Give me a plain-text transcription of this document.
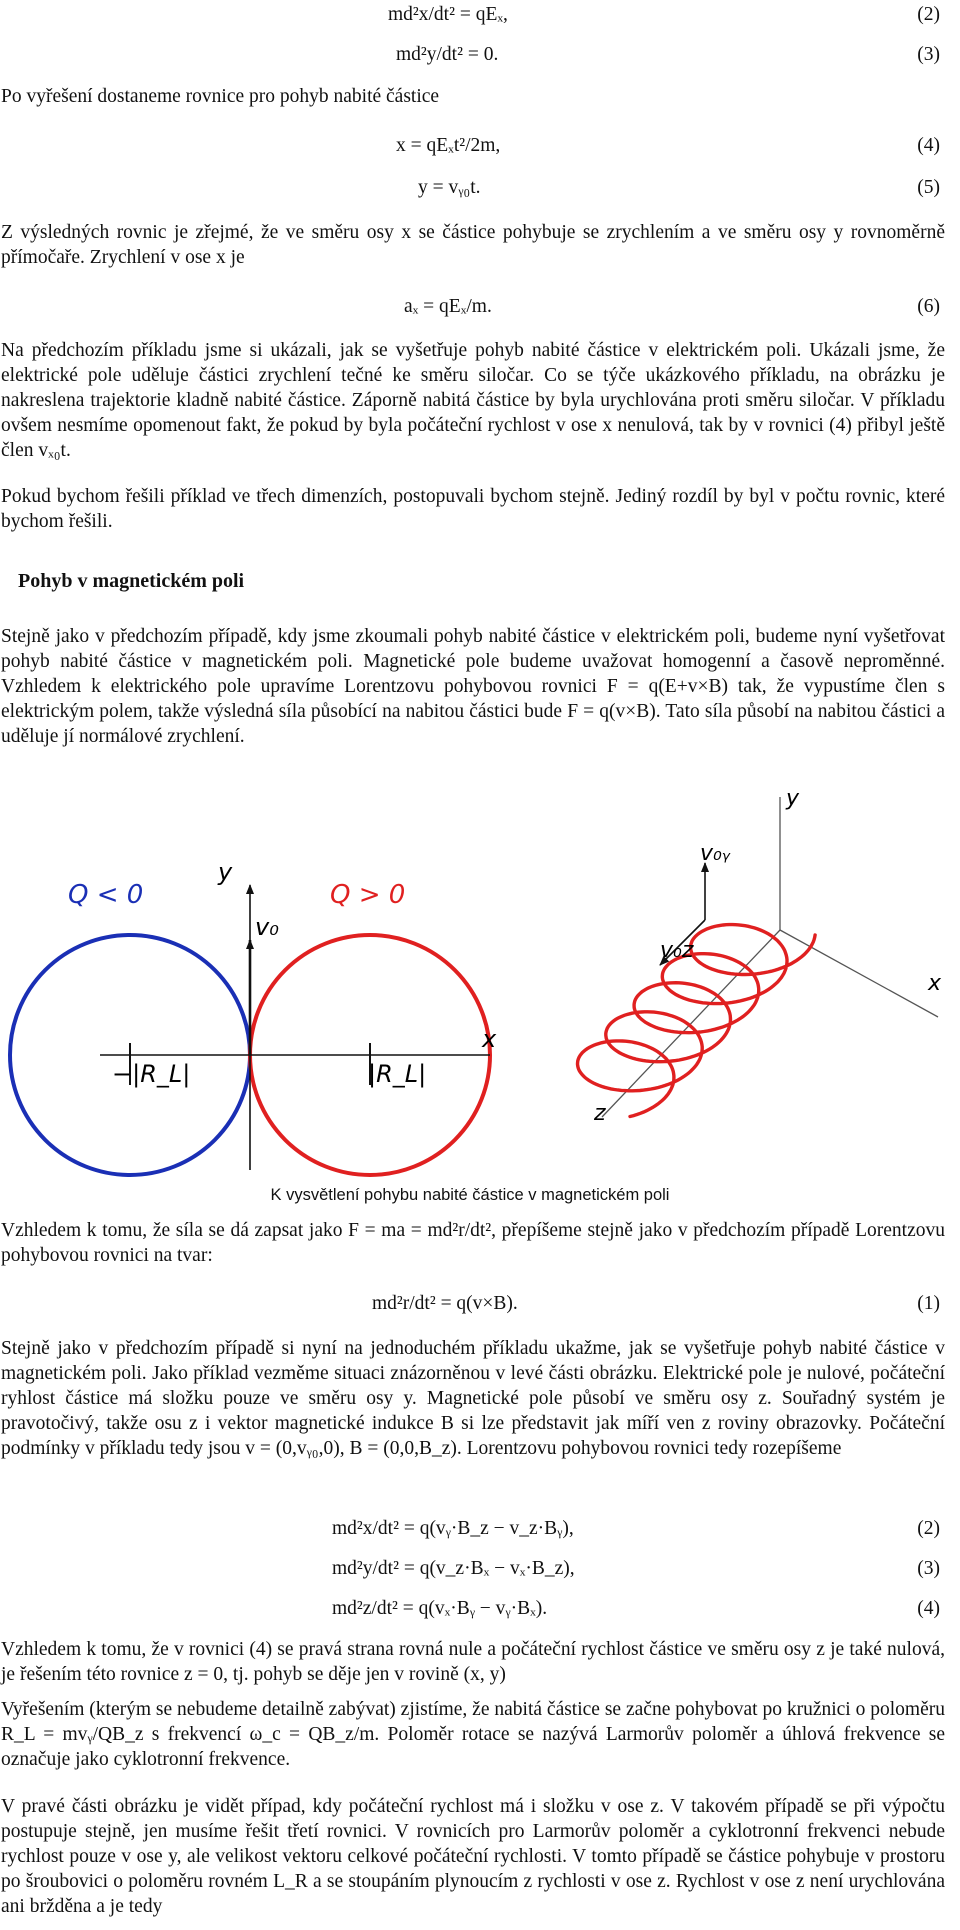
md²x/dt² = qEₓ,	(2)
md²y/dt² = 0.	(3)
Po vyřešení dostaneme rovnice pro pohyb nabité částice
x = qEₓt²/2m,	(4)
y = vᵧ₀t.	(5)
Z výsledných rovnic je zřejmé, že ve směru osy x se částice pohybuje se zrychlením a ve směru osy y rovnoměrně přímočaře. Zrychlení v ose x je
aₓ = qEₓ/m.	(6)
Na předchozím příkladu jsme si ukázali, jak se vyšetřuje pohyb nabité částice v elektrickém poli. Ukázali jsme, že elektrické pole uděluje částici zrychlení tečné ke směru siločar. Co se týče ukázkového příkladu, na obrázku je nakreslena trajektorie kladně nabité částice. Záporně nabitá částice by byla urychlována proti směru siločar. V příkladu ovšem nesmíme opomenout fakt, že pokud by byla počáteční rychlost v ose x nenulová, tak by v rovnici (4) přibyl ještě člen vₓ₀t.
Pokud bychom řešili příklad ve třech dimenzích, postopuvali bychom stejně. Jediný rozdíl by byl v počtu rovnic, které bychom řešili.
Pohyb v magnetickém poli
Stejně jako v předchozím případě, kdy jsme zkoumali pohyb nabité částice v elektrickém poli, budeme nyní vyšetřovat pohyb nabité částice v magnetickém poli. Magnetické pole budeme uvažovat homogenní a časově neproměnné. Vzhledem k elektrického pole upravíme Lorentzovu pohybovou rovnici F = q(E+v×B) tak, že vypustíme člen s elektrickým polem, takže výsledná síla působící na nabitou částici bude F = q(v×B). Tato síla působí na nabitou částici a uděluje jí normálové zrychlení.
Q < 0	Q > 0
y
x
v₀
−|R_L|	|R_L|
y
x
z
v₀ᵧ
v₀z
K vysvětlení pohybu nabité částice v magnetickém poli
Vzhledem k tomu, že síla se dá zapsat jako F = ma = md²r/dt², přepíšeme stejně jako v předchozím případě Lorentzovu pohybovou rovnici na tvar:
md²r/dt² = q(v×B).	(1)
Stejně jako v předchozím případě si nyní na jednoduchém příkladu ukažme, jak se vyšetřuje pohyb nabité částice v magnetickém poli. Jako příklad vezměme situaci znázorněnou v levé části obrázku. Elektrické pole je nulové, počáteční ryhlost částice má složku pouze ve směru osy y. Magnetické pole působí ve směru osy z. Souřadný systém je pravotočivý, takže osu z i vektor magnetické indukce B si lze představit jak míří ven z roviny obrazovky. Počáteční podmínky v příkladu tedy jsou v = (0,vᵧ₀,0), B = (0,0,B_z). Lorentzovu pohybovou rovnici tedy rozepíšeme
md²x/dt² = q(vᵧ·B_z − v_z·Bᵧ),	(2)
md²y/dt² = q(v_z·Bₓ − vₓ·B_z),	(3)
md²z/dt² = q(vₓ·Bᵧ − vᵧ·Bₓ).	(4)
Vzhledem k tomu, že v rovnici (4) se pravá strana rovná nule a počáteční rychlost částice ve směru osy z je také nulová, je řešením této rovnice z = 0, tj. pohyb se děje jen v rovině (x, y)
Vyřešením (kterým se nebudeme detailně zabývat) zjistíme, že nabitá částice se začne pohybovat po kružnici o poloměru R_L = mvᵧ/QB_z s frekvencí ω_c = QB_z/m. Poloměr rotace se nazývá Larmorův poloměr a úhlová frekvence se označuje jako cyklotronní frekvence.
V pravé části obrázku je vidět případ, kdy počáteční rychlost má i složku v ose z. V takovém případě se při výpočtu postupuje stejně, jen musíme řešit třetí rovnici. V rovnicích pro Larmorův poloměr a cyklotronní frekvenci nebude rychlost pouze v ose y, ale velikost vektoru celkové počáteční rychlosti. V tomto případě se částice pohybuje v prostoru po šroubovici o poloměru rovném L_R a se stoupáním plynoucím z rychlosti v ose z. Rychlost v ose z není urychlována ani bržděna a je tedy
